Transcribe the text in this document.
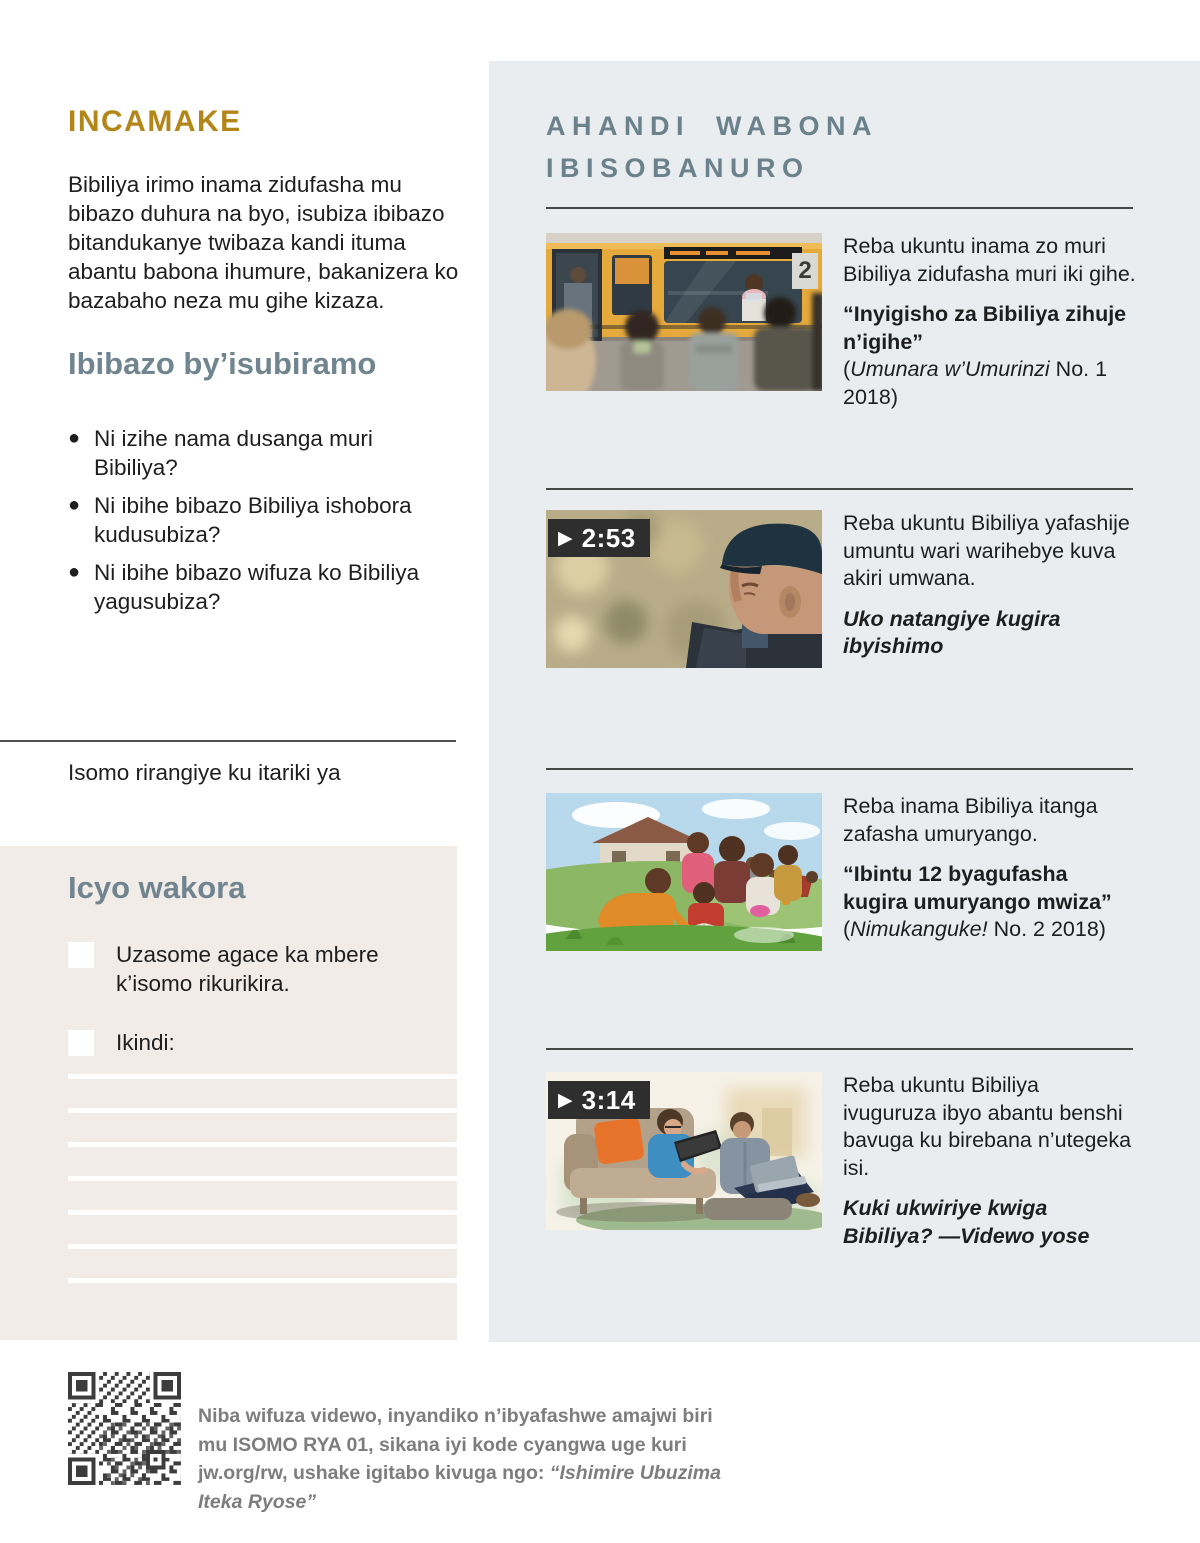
INCAMAKE

Bibiliya irimo inama zidufasha mu bibazo duhura na byo, isubiza ibibazo bitandukanye twibaza kandi ituma abantu babona ihumure, bakanizera ko bazabaho neza mu gihe kizaza.

Ibibazo by’isubiramo
● Ni izihe nama dusanga muri Bibiliya?
● Ni ibihe bibazo Bibiliya ishobora kudusubiza?
● Ni ibihe bibazo wifuza ko Bibiliya yagusubiza?

Isomo rirangiye ku itariki ya

Icyo wakora
Uzasome agace ka mbere k’isomo rikurikira.
Ikindi:
AHANDI WABONA
IBISOBANURO
2

Reba ukuntu inama zo muri Bibiliya zidufasha muri iki gihe.

“Inyigisho za Bibiliya zihuje n’igihe”

(Umunara w’Umurinzi No. 1 2018)

▶ 2:53	Reba ukuntu Bibiliya yafashije umuntu wari warihebye kuva akiri umwana.

Uko natangiye kugira ibyishimo

Reba inama Bibiliya itanga zafasha umuryango.

“Ibintu 12 byagufasha kugira umuryango mwiza” (Nimukanguke! No. 2 2018)

▶ 3:14	Reba ukuntu Bibiliya ivuguruza ibyo abantu benshi bavuga ku birebana n’utegeka isi.

Kuki ukwiriye kwiga Bibiliya? —Videwo yose

Niba wifuza videwo, inyandiko n’ibyafashwe amajwi biri mu ISOMO RYA 01, sikana iyi kode cyangwa uge kuri jw.org/rw, ushake igitabo kivuga ngo: “Ishimire Ubuzima Iteka Ryose”
